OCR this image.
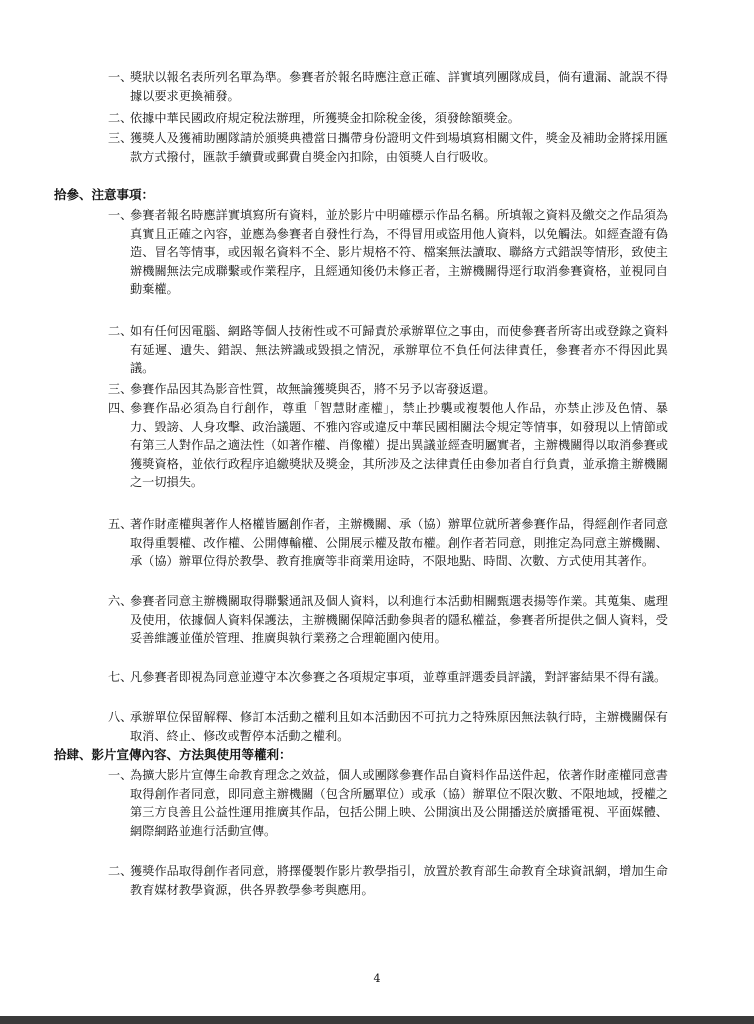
一、
獎狀以報名表所列名單為準。參賽者於報名時應注意正確、詳實填列團隊成員，倘有遺漏、訛誤不得據以要求更換補發。
二、
依據中華民國政府規定稅法辦理，所獲獎金扣除稅金後，須發餘額獎金。
三、
獲獎人及獲補助團隊請於頒獎典禮當日攜帶身份證明文件到場填寫相關文件，獎金及補助金將採用匯款方式撥付，匯款手續費或郵費自獎金內扣除，由領獎人自行吸收。
拾參、注意事項：
一、
參賽者報名時應詳實填寫所有資料，並於影片中明確標示作品名稱。所填報之資料及繳交之作品須為真實且正確之內容，並應為參賽者自發性行為，不得冒用或盜用他人資料，以免觸法。如經查證有偽造、冒名等情事，或因報名資料不全、影片規格不符、檔案無法讀取、聯絡方式錯誤等情形，致使主辦機關無法完成聯繫或作業程序，且經通知後仍未修正者，主辦機關得逕行取消參賽資格，並視同自動棄權。
二、
如有任何因電腦、網路等個人技術性或不可歸責於承辦單位之事由，而使參賽者所寄出或登錄之資料有延遲、遺失、錯誤、無法辨識或毀損之情況，承辦單位不負任何法律責任，參賽者亦不得因此異議。
三、
參賽作品因其為影音性質，故無論獲獎與否，將不另予以寄發返還。
四、
參賽作品必須為自行創作，尊重「智慧財產權」，禁止抄襲或複製他人作品，亦禁止涉及色情、暴力、毀謗、人身攻擊、政治議題、不雅內容或違反中華民國相關法令規定等情事，如發現以上情節或有第三人對作品之適法性（如著作權、肖像權）提出異議並經查明屬實者，主辦機關得以取消參賽或獲獎資格，並依行政程序追繳獎狀及獎金，其所涉及之法律責任由參加者自行負責，並承擔主辦機關之一切損失。
五、
著作財產權與著作人格權皆屬創作者，主辦機關、承（協）辦單位就所著參賽作品，得經創作者同意取得重製權、改作權、公開傳輸權、公開展示權及散布權。創作者若同意，則推定為同意主辦機關、承（協）辦單位得於教學、教育推廣等非商業用途時，不限地點、時間、次數、方式使用其著作。
六、
參賽者同意主辦機關取得聯繫通訊及個人資料，以利進行本活動相關甄選表揚等作業。其蒐集、處理及使用，依據個人資料保護法，主辦機關保障活動參與者的隱私權益，參賽者所提供之個人資料，受妥善維護並僅於管理、推廣與執行業務之合理範圍內使用。
七、
凡參賽者即視為同意並遵守本次參賽之各項規定事項，並尊重評選委員評議，對評審結果不得有議。
八、
承辦單位保留解釋、修訂本活動之權利且如本活動因不可抗力之特殊原因無法執行時，主辦機關保有取消、終止、修改或暫停本活動之權利。
拾肆、影片宣傳內容、方法與使用等權利：
一、
為擴大影片宣傳生命教育理念之效益，個人或團隊參賽作品自資料作品送件起，依著作財產權同意書取得創作者同意，即同意主辦機關（包含所屬單位）或承（協）辦單位不限次數、不限地域，授權之第三方良善且公益性運用推廣其作品，包括公開上映、公開演出及公開播送於廣播電視、平面媒體、網際網路並進行活動宣傳。
二、
獲獎作品取得創作者同意，將擇優製作影片教學指引，放置於教育部生命教育全球資訊網，增加生命教育媒材教學資源，供各界教學參考與應用。
4
